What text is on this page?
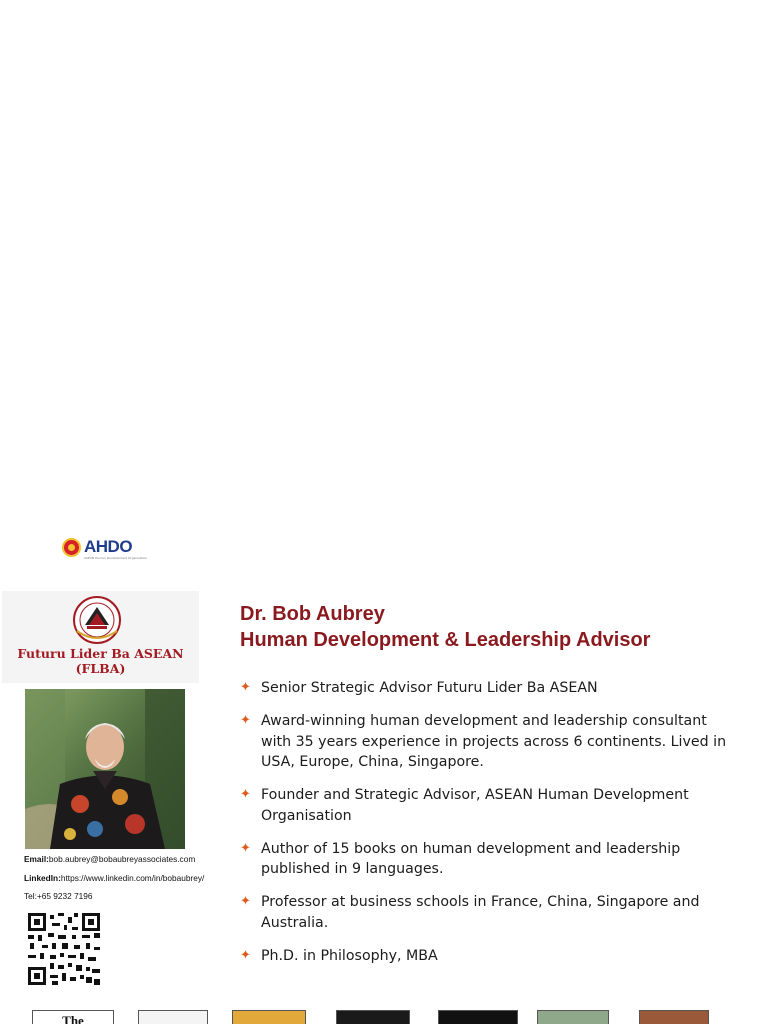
AHDO
ASEAN Human Development Organisation
Futuru Lider Ba ASEAN
(FLBA)
Email:bob.aubrey@bobaubreyassociates.com
LinkedIn:https://www.linkedin.com/in/bobaubrey/
Tel:+65 9232 7196
Dr. Bob Aubrey
Human Development & Leadership Advisor
✦ Senior Strategic Advisor Futuru Lider Ba ASEAN
✦ Award-winning human development and leadership consultant with 35 years experience in projects across 6 continents. Lived in USA, Europe, China, Singapore.
✦ Founder and Strategic Advisor, ASEAN Human Development Organisation
✦ Author of 15 books on human development and leadership published in 9 languages.
✦ Professor at business schools in France, China, Singapore and Australia.
✦ Ph.D. in Philosophy, MBA
The
